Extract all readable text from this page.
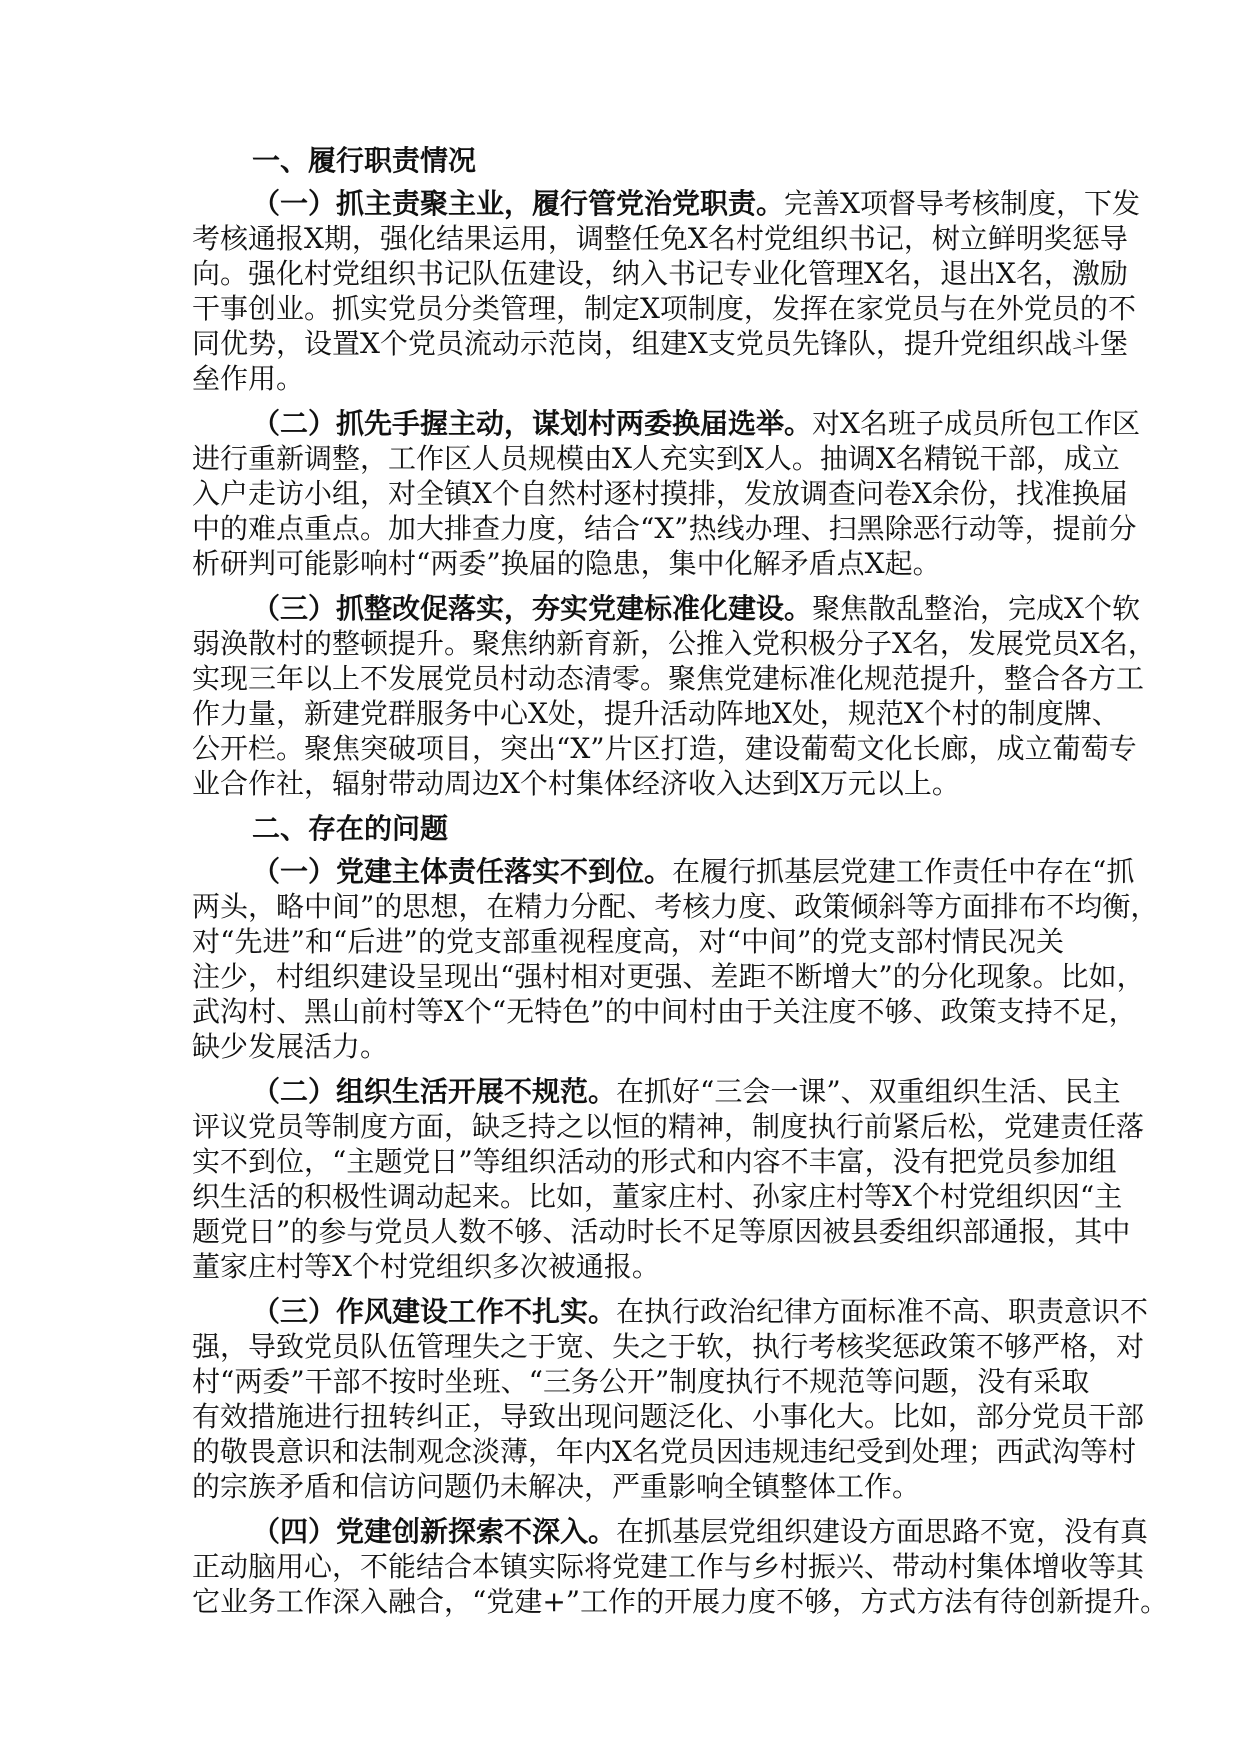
一、履行职责情况
（一）抓主责聚主业，履行管党治党职责。完善X项督导考核制度，下发
考核通报X期，强化结果运用，调整任免X名村党组织书记，树立鲜明奖惩导
向。强化村党组织书记队伍建设，纳入书记专业化管理X名，退出X名，激励
干事创业。抓实党员分类管理，制定X项制度，发挥在家党员与在外党员的不
同优势，设置X个党员流动示范岗，组建X支党员先锋队，提升党组织战斗堡
垒作用。
（二）抓先手握主动，谋划村两委换届选举。对X名班子成员所包工作区
进行重新调整，工作区人员规模由X人充实到X人。抽调X名精锐干部，成立
入户走访小组，对全镇X个自然村逐村摸排，发放调查问卷X余份，找准换届
中的难点重点。加大排查力度，结合“X”热线办理、扫黑除恶行动等，提前分
析研判可能影响村“两委”换届的隐患，集中化解矛盾点X起。
（三）抓整改促落实，夯实党建标准化建设。聚焦散乱整治，完成X个软
弱涣散村的整顿提升。聚焦纳新育新，公推入党积极分子X名，发展党员X名，
实现三年以上不发展党员村动态清零。聚焦党建标准化规范提升，整合各方工
作力量，新建党群服务中心X处，提升活动阵地X处，规范X个村的制度牌、
公开栏。聚焦突破项目，突出“X”片区打造，建设葡萄文化长廊，成立葡萄专
业合作社，辐射带动周边X个村集体经济收入达到X万元以上。
二、存在的问题
（一）党建主体责任落实不到位。在履行抓基层党建工作责任中存在“抓
两头，略中间”的思想，在精力分配、考核力度、政策倾斜等方面排布不均衡，
对“先进”和“后进”的党支部重视程度高，对“中间”的党支部村情民况关
注少，村组织建设呈现出“强村相对更强、差距不断增大”的分化现象。比如，
武沟村、黑山前村等X个“无特色”的中间村由于关注度不够、政策支持不足，
缺少发展活力。
（二）组织生活开展不规范。在抓好“三会一课”、双重组织生活、民主
评议党员等制度方面，缺乏持之以恒的精神，制度执行前紧后松，党建责任落
实不到位，“主题党日”等组织活动的形式和内容不丰富，没有把党员参加组
织生活的积极性调动起来。比如，董家庄村、孙家庄村等X个村党组织因“主
题党日”的参与党员人数不够、活动时长不足等原因被县委组织部通报，其中
董家庄村等X个村党组织多次被通报。
（三）作风建设工作不扎实。在执行政治纪律方面标准不高、职责意识不
强，导致党员队伍管理失之于宽、失之于软，执行考核奖惩政策不够严格，对
村“两委”干部不按时坐班、“三务公开”制度执行不规范等问题，没有采取
有效措施进行扭转纠正，导致出现问题泛化、小事化大。比如，部分党员干部
的敬畏意识和法制观念淡薄，年内X名党员因违规违纪受到处理；西武沟等村
的宗族矛盾和信访问题仍未解决，严重影响全镇整体工作。
（四）党建创新探索不深入。在抓基层党组织建设方面思路不宽，没有真
正动脑用心，不能结合本镇实际将党建工作与乡村振兴、带动村集体增收等其
它业务工作深入融合，“党建+”工作的开展力度不够，方式方法有待创新提升。
